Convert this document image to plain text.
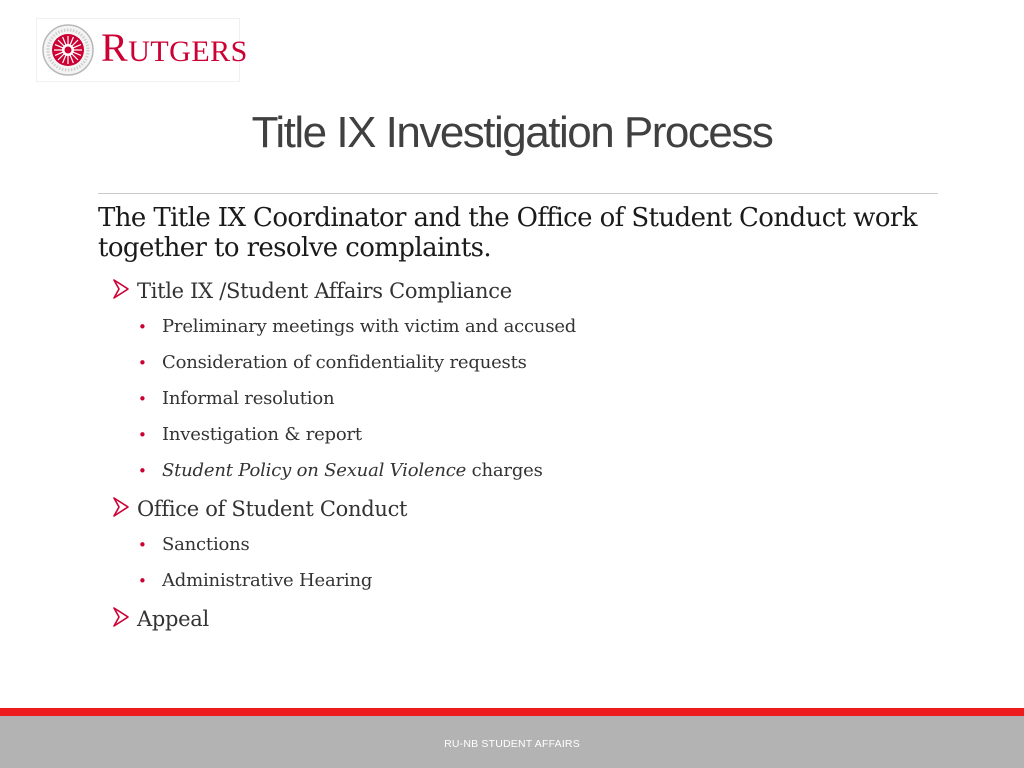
RUTGERS
Title IX Investigation Process

The Title IX Coordinator and the Office of Student Conduct work together to resolve complaints.

Title IX /Student Affairs Compliance
• Preliminary meetings with victim and accused
• Consideration of confidentiality requests
• Informal resolution
• Investigation & report
• Student Policy on Sexual Violence charges
Office of Student Conduct
• Sanctions
• Administrative Hearing
Appeal
RU-NB STUDENT AFFAIRS
